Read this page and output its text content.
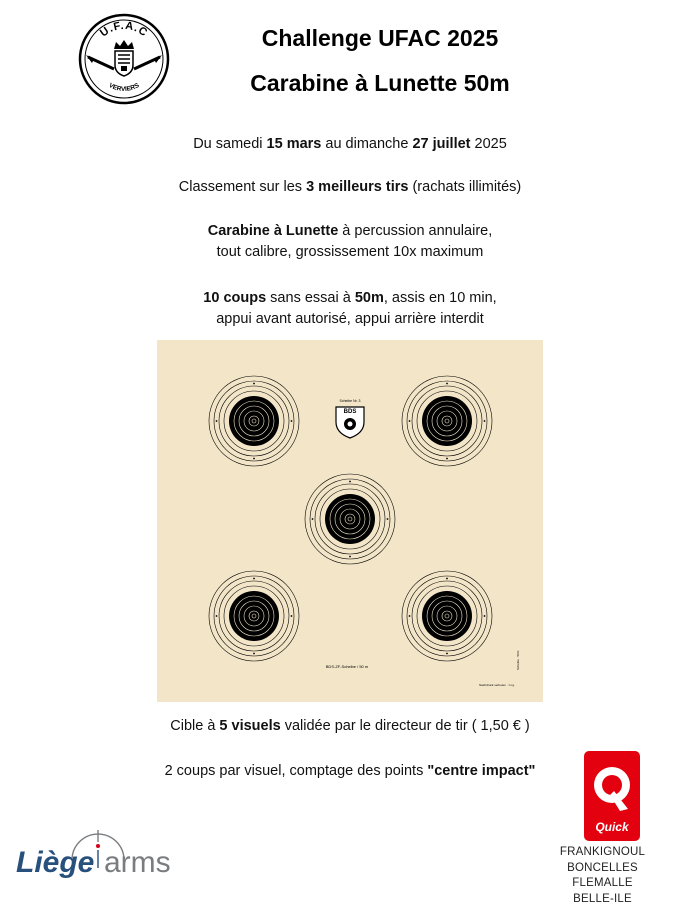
U.F.A.C
VERVIERS
Challenge UFAC 2025
Carabine à Lunette 50m
Du samedi 15 mars au dimanche 27 juillet 2025
Classement sur les 3 meilleurs tirs (rachats illimités)
Carabine à Lunette à percussion annulaire,
tout calibre, grossissement 10x maximum
10 coups sans essai à 50m, assis en 10 min,
appui avant autorisé, appui arrière interdit
BDS
Scheibe Nr. 3
BDS-ZF-Scheibe / 50 m
Nachdruck verboten · f.v.g.
Scheibe · 50m
Cible à 5 visuels validée par le directeur de tir ( 1,50 € )
2 coups par visuel, comptage des points "centre impact"
Liège arms
Quick
Q
FRANKIGNOUL
BONCELLES
FLEMALLE
BELLE-ILE
